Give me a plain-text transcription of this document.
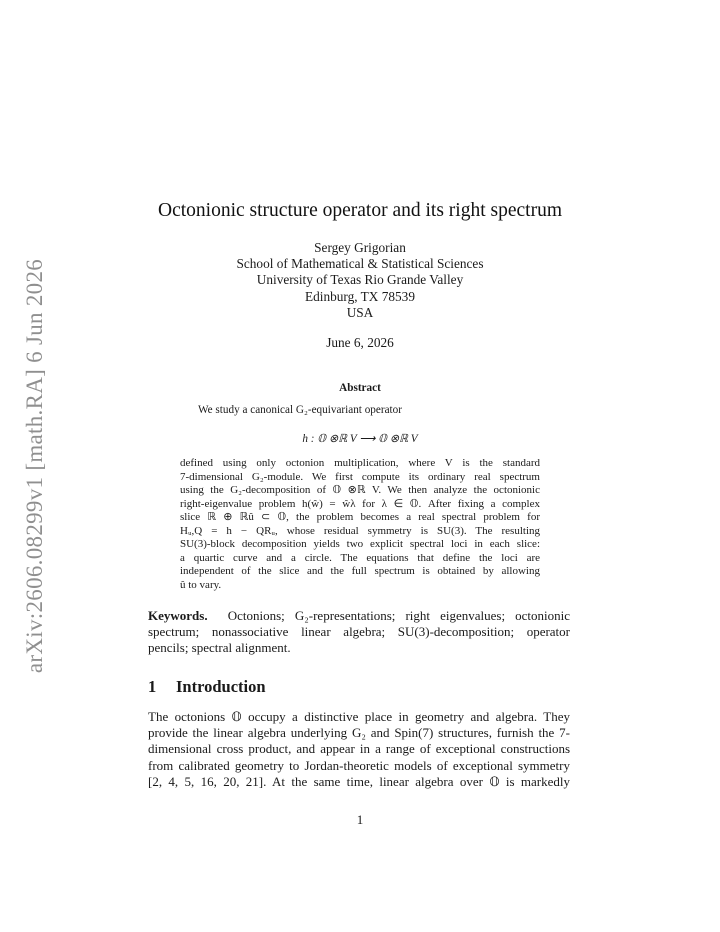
arXiv:2606.08299v1 [math.RA] 6 Jun 2026
Octonionic structure operator and its right spectrum
Sergey Grigorian
School of Mathematical & Statistical Sciences
University of Texas Rio Grande Valley
Edinburg, TX 78539
USA
June 6, 2026
Abstract
We study a canonical G₂-equivariant operator
h : 𝕆 ⊗ℝ V ⟶ 𝕆 ⊗ℝ V
defined using only octonion multiplication, where V is the standard
7-dimensional G₂-module. We first compute its ordinary real spectrum
using the G₂-decomposition of 𝕆 ⊗ℝ V. We then analyze the octonionic
right-eigenvalue problem h(ŵ) = ŵλ for λ ∈ 𝕆. After fixing a complex
slice ℝ ⊕ ℝû ⊂ 𝕆, the problem becomes a real spectral problem for
Hᵤ,Q = h − QRᵤ, whose residual symmetry is SU(3). The resulting
SU(3)-block decomposition yields two explicit spectral loci in each slice:
a quartic curve and a circle. The equations that define the loci are
independent of the slice and the full spectrum is obtained by allowing
û to vary.
Keywords. Octonions; G₂-representations; right eigenvalues; octonionic
spectrum; nonassociative linear algebra; SU(3)-decomposition; operator
pencils; spectral alignment.
1 Introduction
The octonions 𝕆 occupy a distinctive place in geometry and algebra. They
provide the linear algebra underlying G₂ and Spin(7) structures, furnish the 7-
dimensional cross product, and appear in a range of exceptional constructions
from calibrated geometry to Jordan-theoretic models of exceptional symmetry
[2, 4, 5, 16, 20, 21]. At the same time, linear algebra over 𝕆 is markedly
1
